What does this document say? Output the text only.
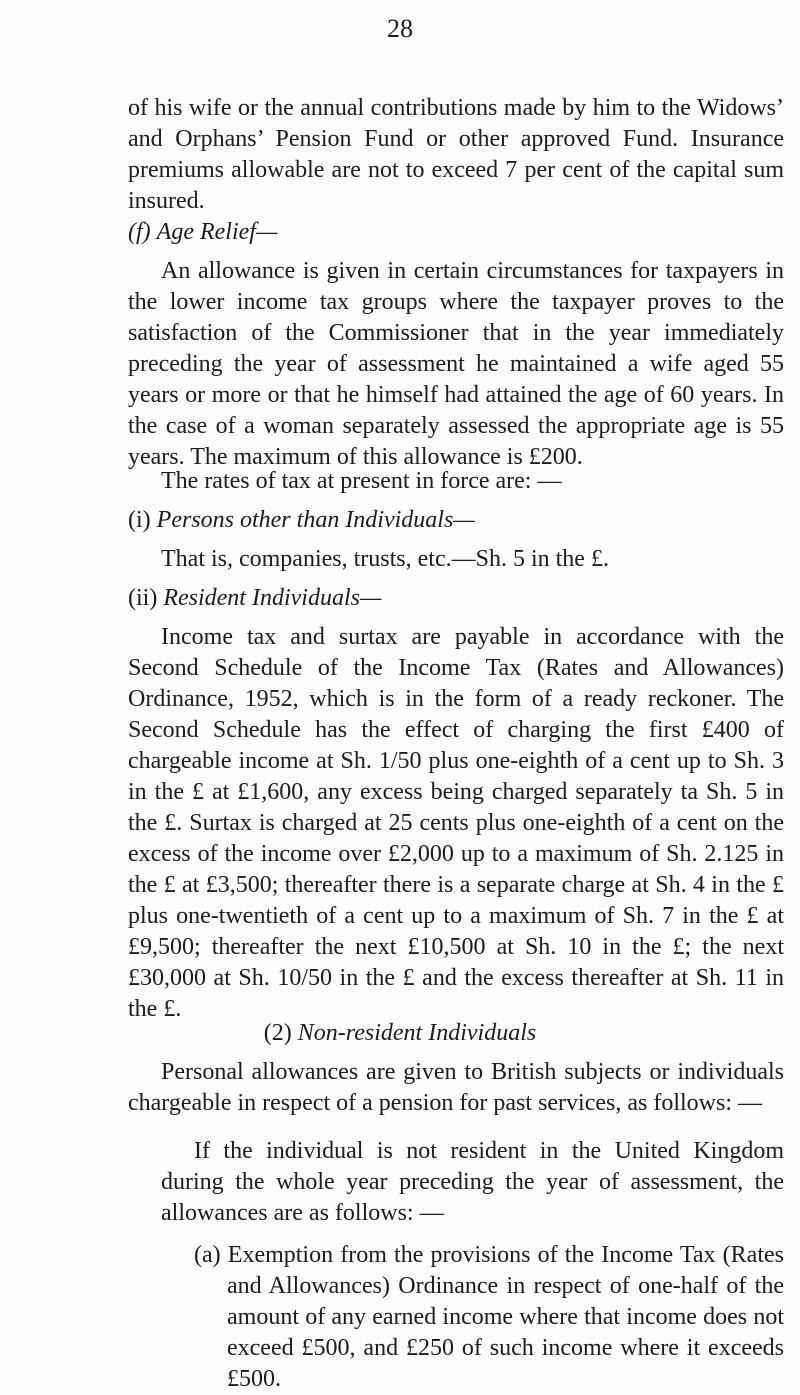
28

of his wife or the annual contributions made by him to the Widows’ and Orphans’ Pension Fund or other approved Fund. Insurance premiums allowable are not to exceed 7 per cent of the capital sum insured.

(f) Age Relief—

An allowance is given in certain circumstances for taxpayers in the lower income tax groups where the taxpayer proves to the satisfaction of the Commissioner that in the year immediately preceding the year of assessment he maintained a wife aged 55 years or more or that he himself had attained the age of 60 years. In the case of a woman separately assessed the appropriate age is 55 years. The maximum of this allowance is £200.

The rates of tax at present in force are: —

(i) Persons other than Individuals—

That is, companies, trusts, etc.—Sh. 5 in the £.

(ii) Resident Individuals—

Income tax and surtax are payable in accordance with the Second Schedule of the Income Tax (Rates and Allowances) Ordinance, 1952, which is in the form of a ready reckoner. The Second Schedule has the effect of charging the first £400 of chargeable income at Sh. 1/50 plus one-eighth of a cent up to Sh. 3 in the £ at £1,600, any excess being charged separately ta Sh. 5 in the £. Surtax is charged at 25 cents plus one-eighth of a cent on the excess of the income over £2,000 up to a maximum of Sh. 2.125 in the £ at £3,500; thereafter there is a separate charge at Sh. 4 in the £ plus one-twentieth of a cent up to a maximum of Sh. 7 in the £ at £9,500; thereafter the next £10,500 at Sh. 10 in the £; the next £30,000 at Sh. 10/50 in the £ and the excess thereafter at Sh. 11 in the £.

(2) Non-resident Individuals

Personal allowances are given to British subjects or individuals chargeable in respect of a pension for past services, as follows: —

If the individual is not resident in the United Kingdom during the whole year preceding the year of assessment, the allowances are as follows: —

(a) Exemption from the provisions of the Income Tax (Rates and Allowances) Ordinance in respect of one-half of the amount of any earned income where that income does not exceed £500, and £250 of such income where it exceeds £500.
